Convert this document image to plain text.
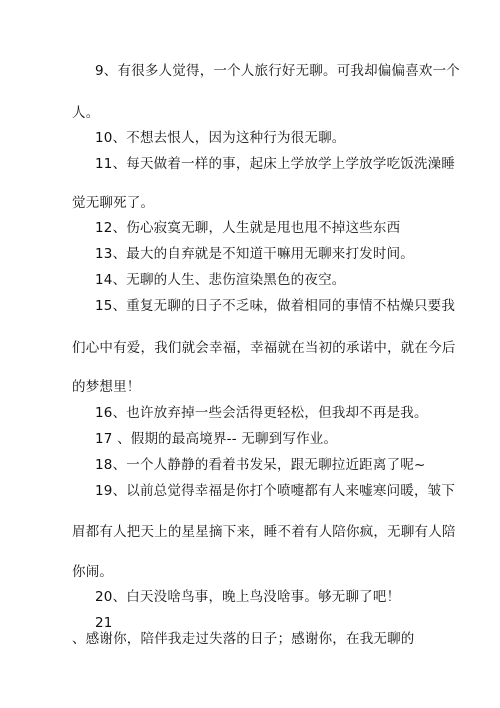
9、有很多人觉得，一个人旅行好无聊。可我却偏偏喜欢一个
人。
10、不想去恨人，因为这种行为很无聊。
11、每天做着一样的事，起床上学放学上学放学吃饭洗澡睡
觉无聊死了。
12、伤心寂寞无聊，人生就是甩也甩不掉这些东西
13、最大的自弃就是不知道干嘛用无聊来打发时间。
14、无聊的人生、悲伤渲染黑色的夜空。
15、重复无聊的日子不乏味，做着相同的事情不枯燥只要我
们心中有爱，我们就会幸福，幸福就在当初的承诺中，就在今后
的梦想里！
16、也许放弃掉一些会活得更轻松，但我却不再是我。
17 、假期的最高境界-- 无聊到写作业。
18、一个人静静的看着书发呆，跟无聊拉近距离了呢~
19、以前总觉得幸福是你打个喷嚏都有人来嘘寒问暖，皱下
眉都有人把天上的星星摘下来，睡不着有人陪你疯，无聊有人陪
你闹。
20、白天没啥鸟事，晚上鸟没啥事。够无聊了吧！
21
、感谢你，陪伴我走过失落的日子；感谢你，在我无聊的
